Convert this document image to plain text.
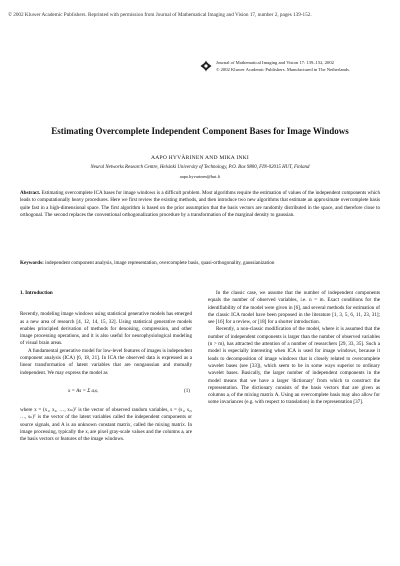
© 2002 Kluwer Academic Publishers. Reprinted with permission from Journal of Mathematical Imaging and Vision 17, number 2, pages 139-152.
Journal of Mathematical Imaging and Vision 17: 139–152, 2002
© 2002 Kluwer Academic Publishers. Manufactured in The Netherlands.
Estimating Overcomplete Independent Component Bases for Image Windows
AAPO HYVÄRINEN AND MIKA INKI
Neural Networks Research Centre, Helsinki University of Technology, P.O. Box 9800, FIN-02015 HUT, Finland
aapo.hyvarinen@hut.fi
Abstract. Estimating overcomplete ICA bases for image windows is a difficult problem. Most algorithms require the estimation of values of the independent components which leads to computationally heavy procedures. Here we first review the existing methods, and then introduce two new algorithms that estimate an approximate overcomplete basis quite fast in a high-dimensional space. The first algorithm is based on the prior assumption that the basis vectors are randomly distributed in the space, and therefore close to orthogonal. The second replaces the conventional orthogonalization procedure by a transformation of the marginal density to gaussian.
Keywords: independent component analysis, image representation, overcomplete basis, quasi-orthogonality, gaussianization
1. Introduction

Recently, modeling image windows using statistical generative models has emerged as a new area of research [4, 12, 14, 15, 32]. Using statistical generative models enables principled derivation of methods for denoising, compression, and other image processing operations, and it is also useful for neurophysiological modeling of visual brain areas.

A fundamental generative model for low-level features of images is independent component analysis (ICA) [6, 18, 21]. In ICA the observed data is expressed as a linear transformation of latent variables that are nongaussian and mutually independent. We may express the model as

x = As = Σ aᵢsᵢ	(1)

where x = (x₁, x₂, …, xₘ)ᵀ is the vector of observed random variables, s = (s₁, s₂, …, sₙ)ᵀ is the vector of the latent variables called the independent components or source signals, and A is an unknown constant matrix, called the mixing matrix. In image processing, typically the xᵢ are pixel gray-scale values and the columns aᵢ are the basis vectors or features of the image windows.

In the classic case, we assume that the number of independent components equals the number of observed variables, i.e. n = m. Exact conditions for the identifiability of the model were given in [6], and several methods for estimation of the classic ICA model have been proposed in the literature [1, 3, 5, 6, 11, 23, 31]; see [16] for a review, or [18] for a shorter introduction.

Recently, a non-classic modification of the model, where it is assumed that the number of independent components is larger than the number of observed variables (n > m), has attracted the attention of a number of researchers [29, 33, 35]. Such a model is especially interesting when ICA is used for image windows, because it leads to decomposition of image windows that is closely related to overcomplete wavelet bases (see [33]), which seem to be in some ways superior to ordinary wavelet bases. Basically, the larger number of independent components in the model means that we have a larger 'dictionary' from which to construct the representation. The dictionary consists of the basis vectors that are given as columns aᵢ of the mixing matrix A. Using an overcomplete basis may also allow for some invariances (e.g. with respect to translation) in the representation [37].
